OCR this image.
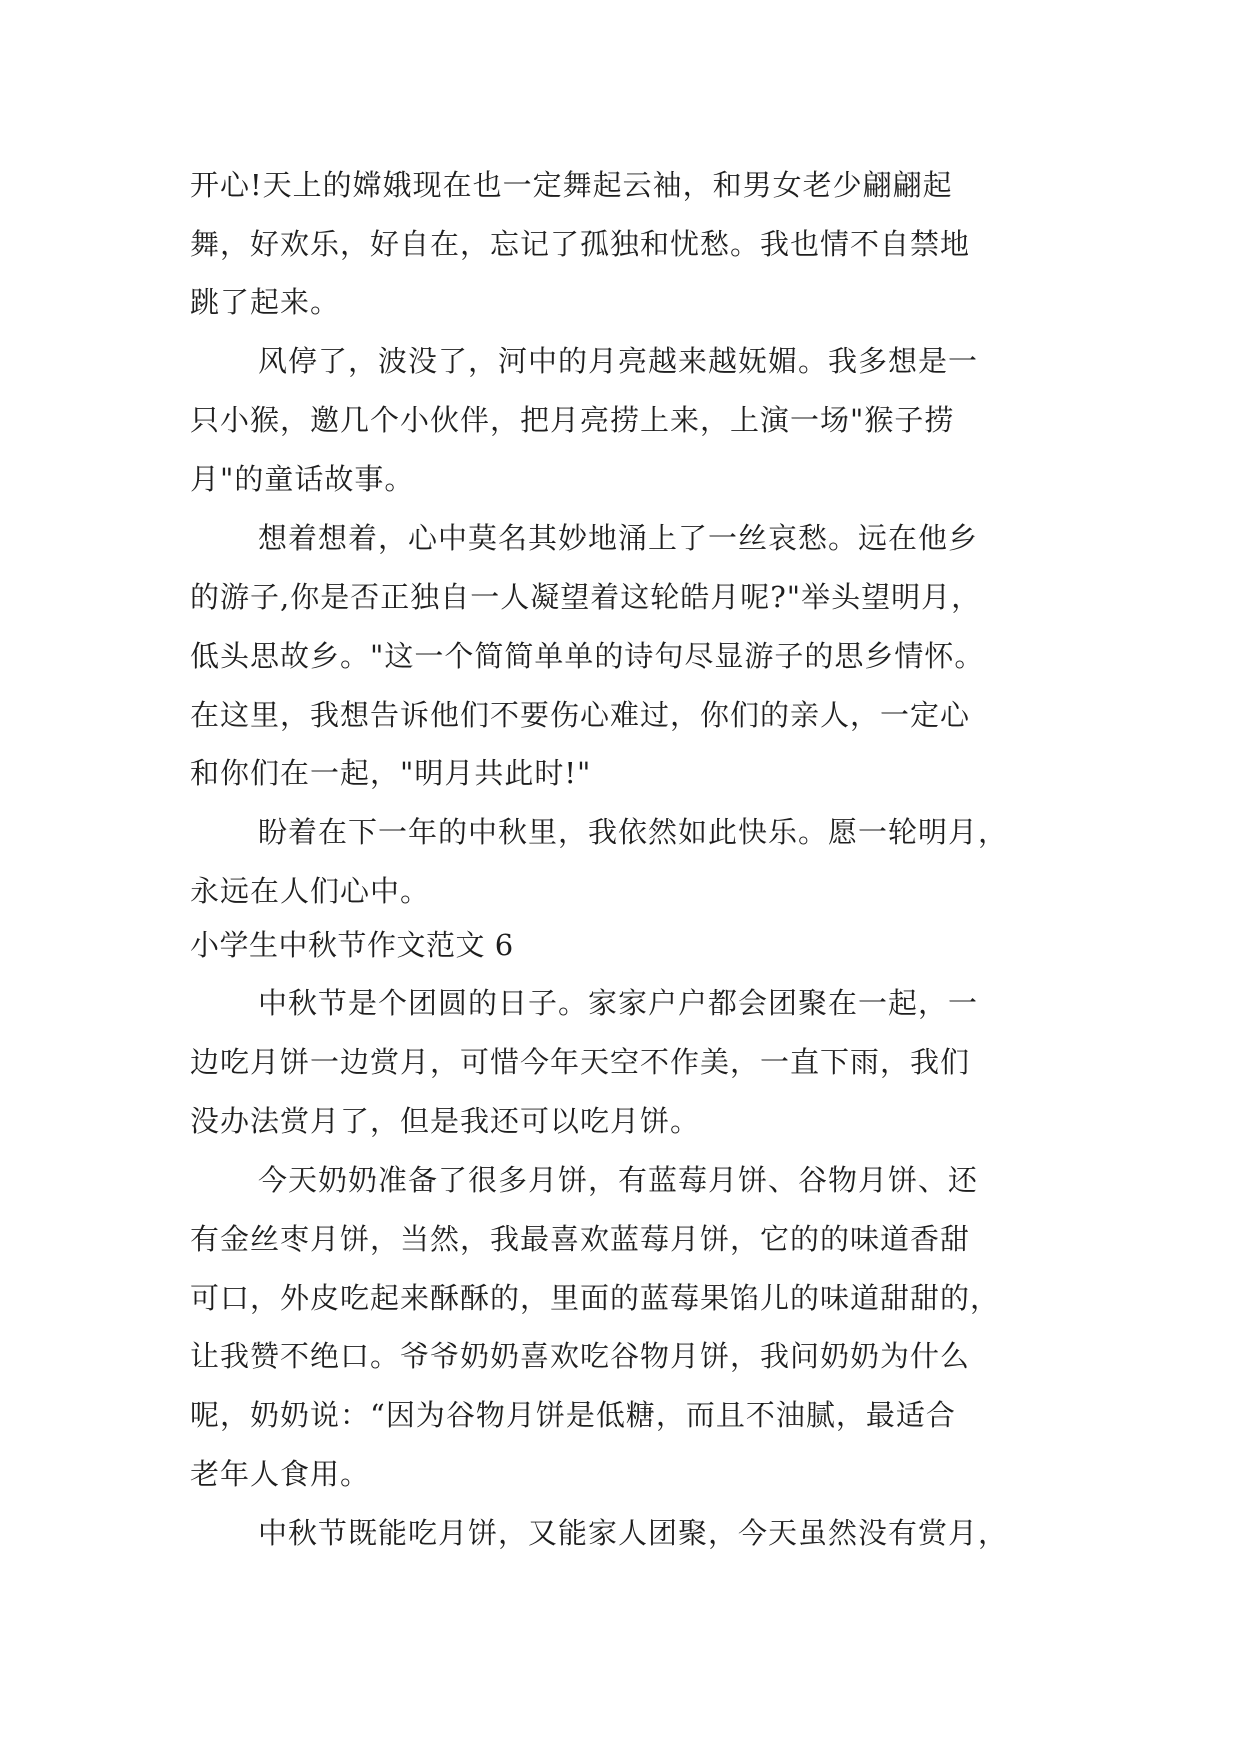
开心!天上的嫦娥现在也一定舞起云袖，和男女老少翩翩起
舞，好欢乐，好自在，忘记了孤独和忧愁。我也情不自禁地
跳了起来。
风停了，波没了，河中的月亮越来越妩媚。我多想是一
只小猴，邀几个小伙伴，把月亮捞上来，上演一场"猴子捞
月"的童话故事。
想着想着，心中莫名其妙地涌上了一丝哀愁。远在他乡
的游子,你是否正独自一人凝望着这轮皓月呢?"举头望明月，
低头思故乡。"这一个简简单单的诗句尽显游子的思乡情怀。
在这里，我想告诉他们不要伤心难过，你们的亲人，一定心
和你们在一起，"明月共此时!"
盼着在下一年的中秋里，我依然如此快乐。愿一轮明月，
永远在人们心中。
小学生中秋节作文范文 6
中秋节是个团圆的日子。家家户户都会团聚在一起，一
边吃月饼一边赏月，可惜今年天空不作美，一直下雨，我们
没办法赏月了，但是我还可以吃月饼。
今天奶奶准备了很多月饼，有蓝莓月饼、谷物月饼、还
有金丝枣月饼，当然，我最喜欢蓝莓月饼，它的的味道香甜
可口，外皮吃起来酥酥的，里面的蓝莓果馅儿的味道甜甜的，
让我赞不绝口。爷爷奶奶喜欢吃谷物月饼，我问奶奶为什么
呢，奶奶说：“因为谷物月饼是低糖，而且不油腻，最适合
老年人食用。
中秋节既能吃月饼，又能家人团聚，今天虽然没有赏月，
